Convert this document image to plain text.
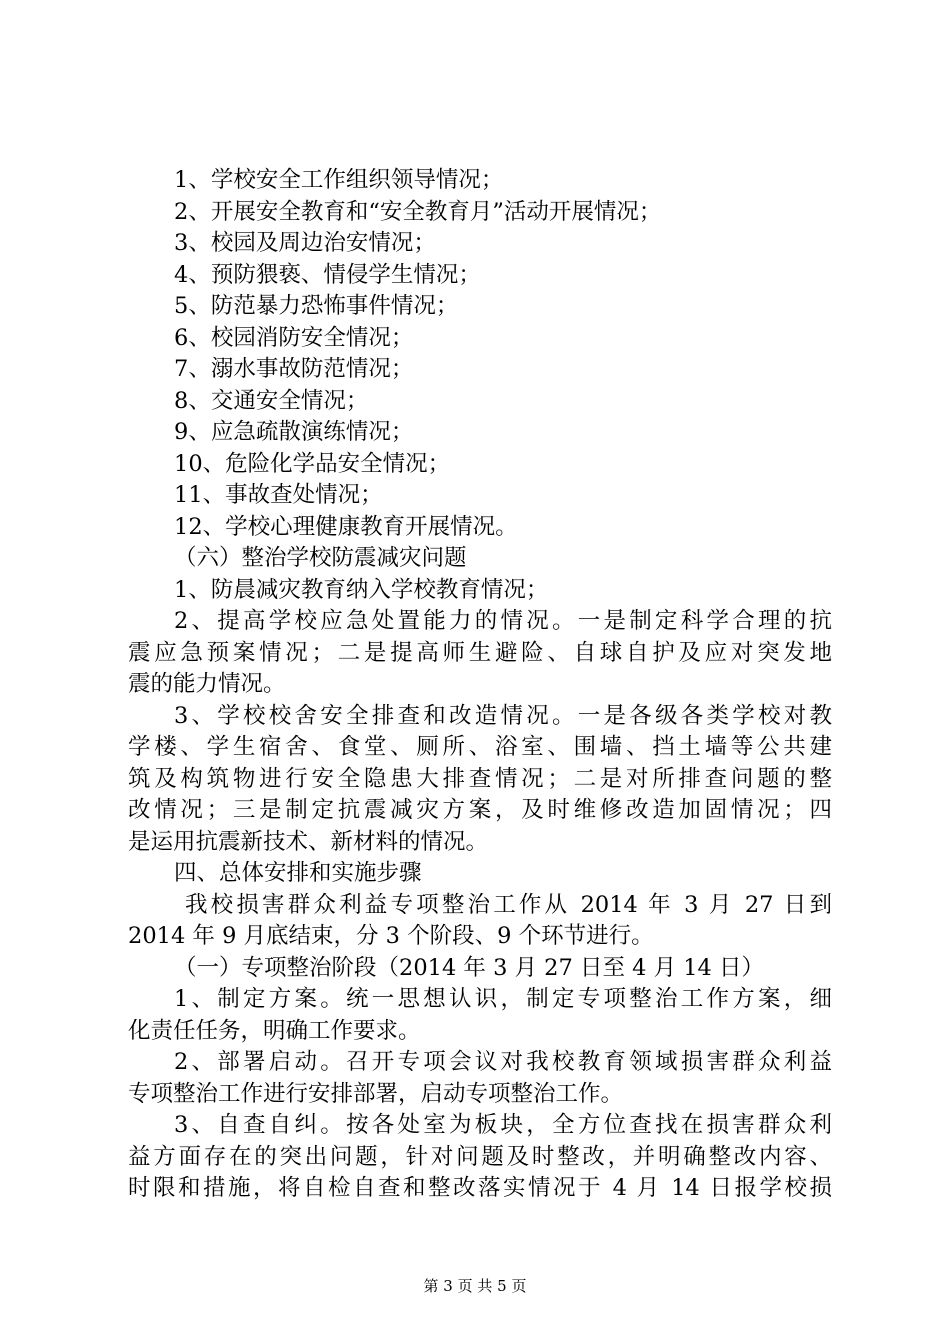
1、学校安全工作组织领导情况；
2、开展安全教育和“安全教育月”活动开展情况；
3、校园及周边治安情况；
4、预防猥亵、情侵学生情况；
5、防范暴力恐怖事件情况；
6、校园消防安全情况；
7、溺水事故防范情况；
8、交通安全情况；
9、应急疏散演练情况；
10、危险化学品安全情况；
11、事故查处情况；
12、学校心理健康教育开展情况。
（六）整治学校防震减灾问题
1、防晨减灾教育纳入学校教育情况；
2、提高学校应急处置能力的情况。一是制定科学合理的抗
震应急预案情况；二是提高师生避险、自球自护及应对突发地
震的能力情况。
3、学校校舍安全排查和改造情况。一是各级各类学校对教
学楼、学生宿舍、食堂、厕所、浴室、围墙、挡土墙等公共建
筑及构筑物进行安全隐患大排查情况；二是对所排查问题的整
改情况；三是制定抗震减灾方案，及时维修改造加固情况；四
是运用抗震新技术、新材料的情况。
四、总体安排和实施步骤
我校损害群众利益专项整治工作从 2014 年 3 月 27 日到
2014 年 9 月底结束，分 3 个阶段、9 个环节进行。
（一）专项整治阶段（2014 年 3 月 27 日至 4 月 14 日）
1、制定方案。统一思想认识，制定专项整治工作方案，细
化责任任务，明确工作要求。
2、部署启动。召开专项会议对我校教育领域损害群众利益
专项整治工作进行安排部署，启动专项整治工作。
3、自查自纠。按各处室为板块，全方位查找在损害群众利
益方面存在的突出问题，针对问题及时整改，并明确整改内容、
时限和措施，将自检自查和整改落实情况于 4 月 14 日报学校损
第 3 页 共 5 页
